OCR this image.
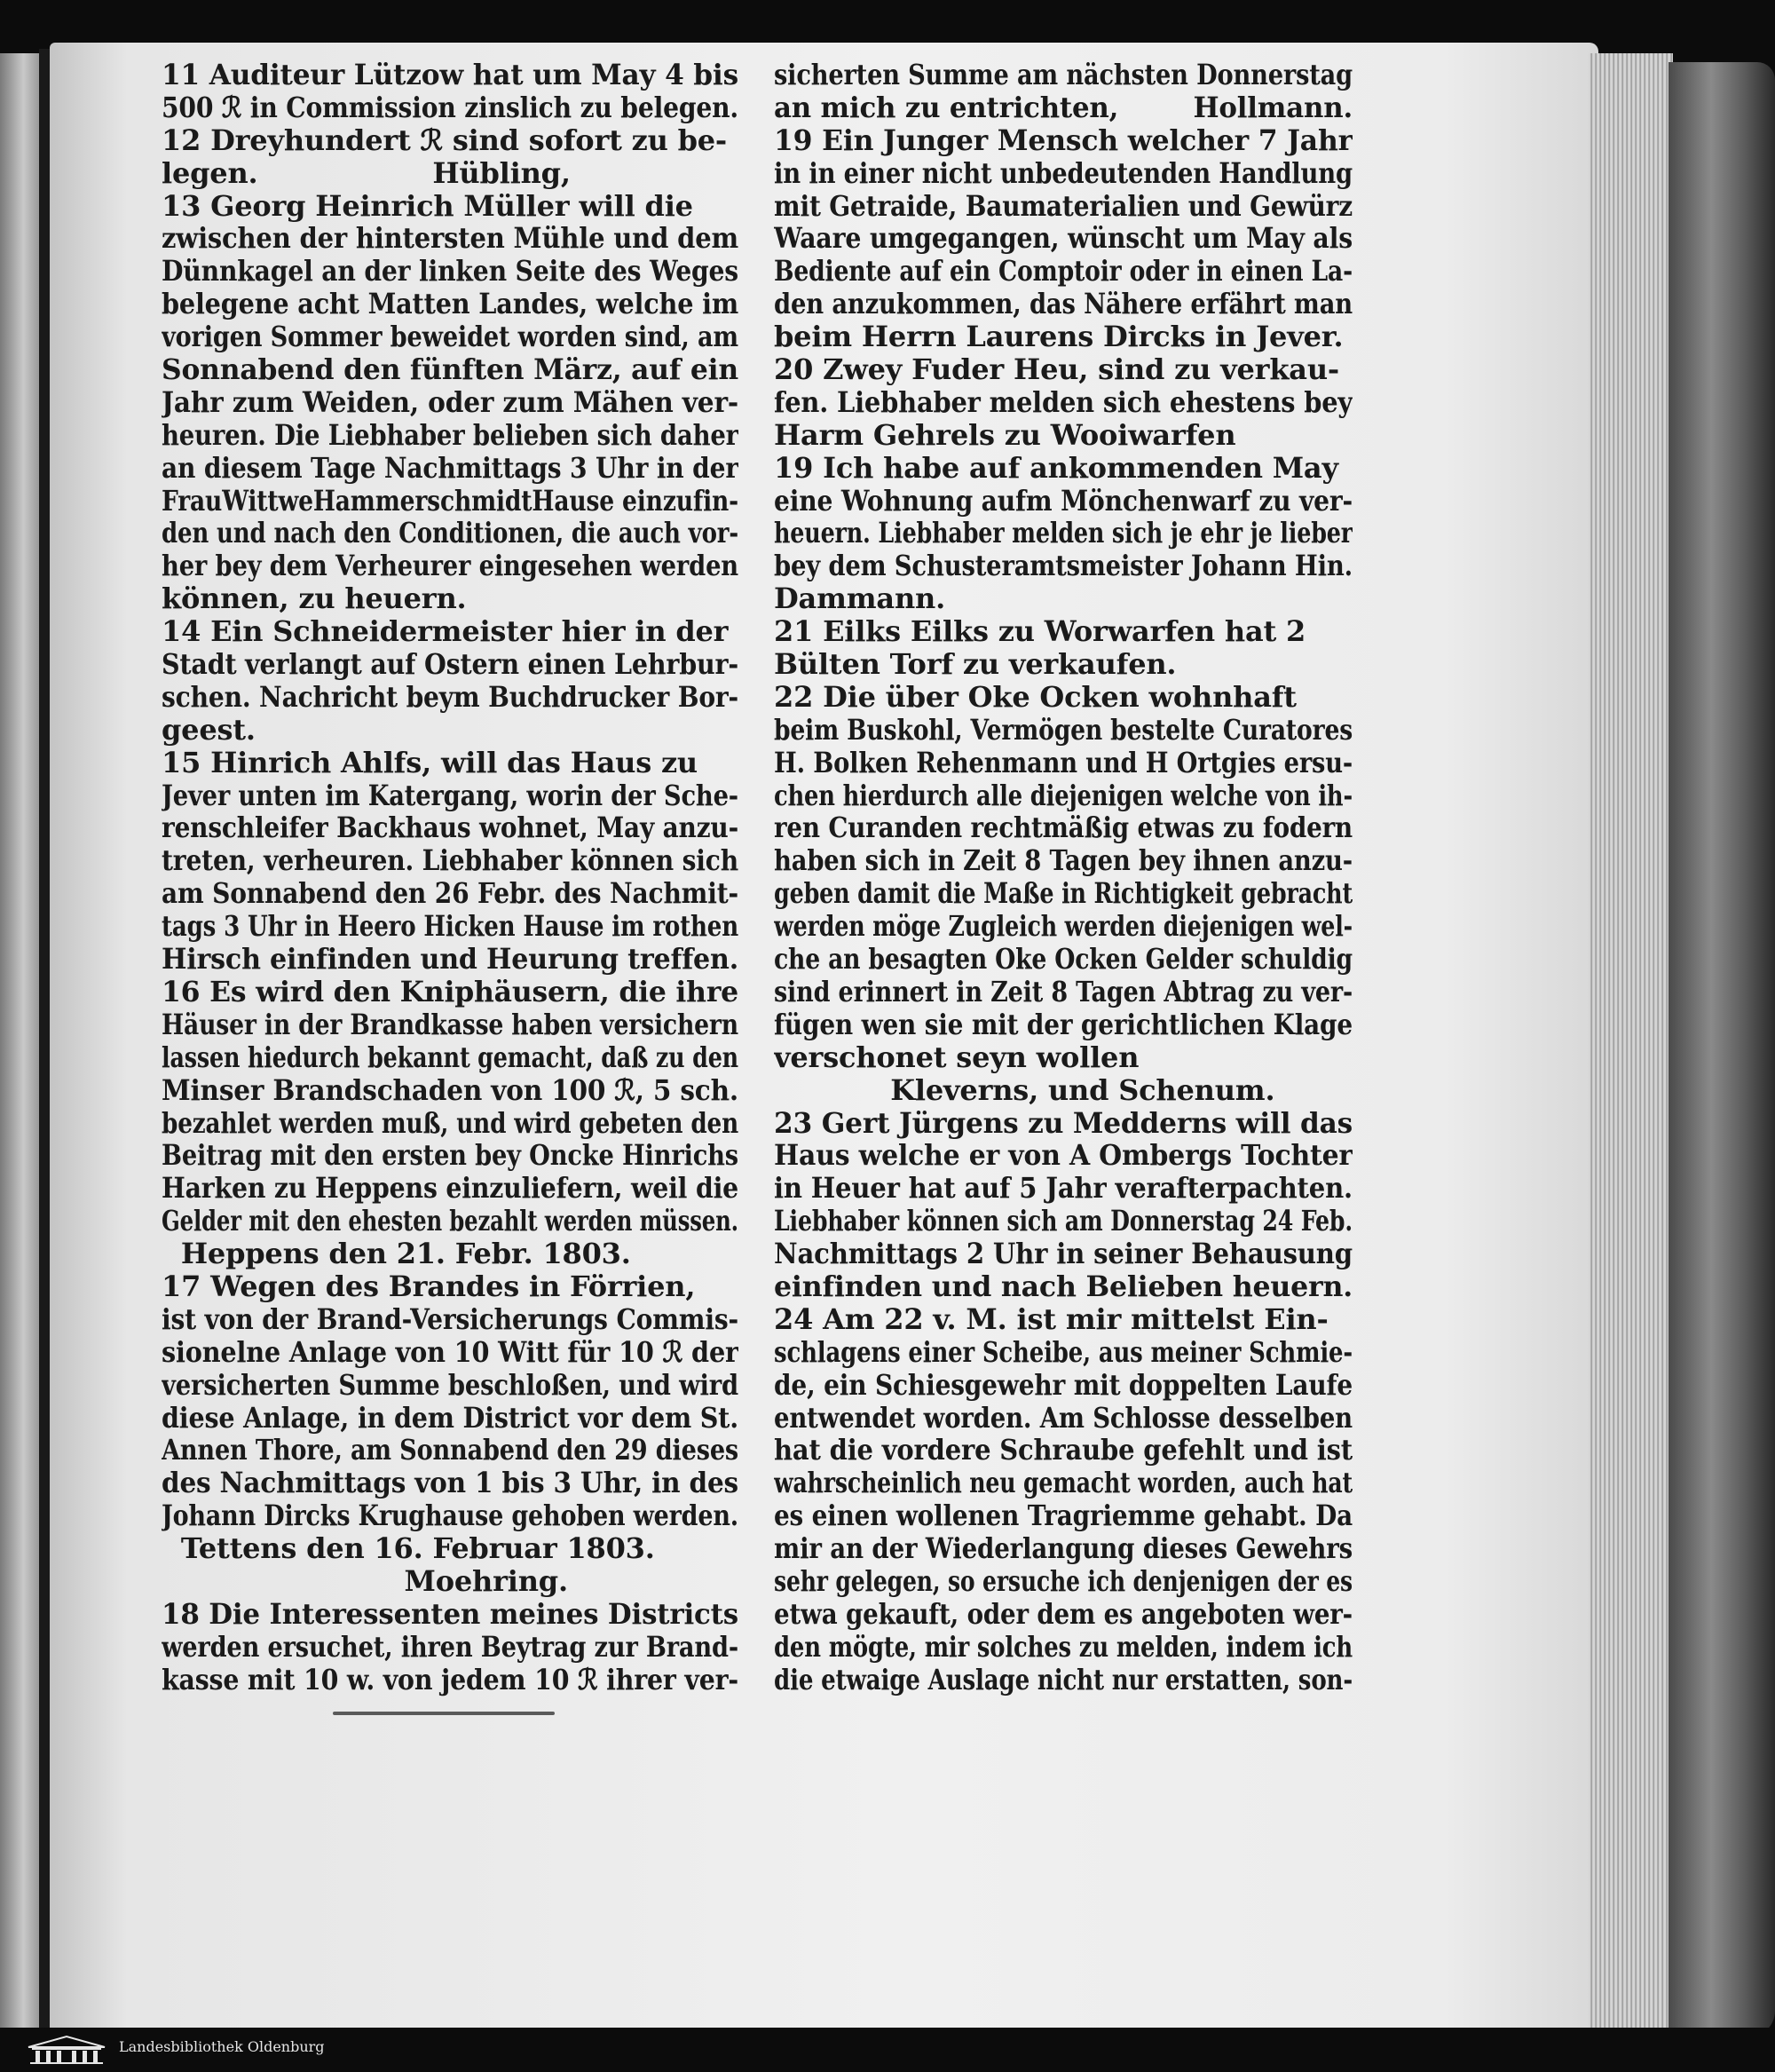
11 Auditeur Lützow hat um May 4 bis
500 ℛ in Commission zinslich zu belegen.
12 Dreyhundert ℛ sind sofort zu be-
legen.                  Hübling,
13 Georg Heinrich Müller will die
zwischen der hintersten Mühle und dem
Dünnkagel an der linken Seite des Weges
belegene acht Matten Landes, welche im
vorigen Sommer beweidet worden sind, am
Sonnabend den fünften März, auf ein
Jahr zum Weiden, oder zum Mähen ver-
heuren. Die Liebhaber belieben sich daher
an diesem Tage Nachmittags 3 Uhr in der
FrauWittweHammerschmidtHause einzufin-
den und nach den Conditionen, die auch vor-
her bey dem Verheurer eingesehen werden
können, zu heuern.
14 Ein Schneidermeister hier in der
Stadt verlangt auf Ostern einen Lehrbur-
schen. Nachricht beym Buchdrucker Bor-
geest.
15 Hinrich Ahlfs, will das Haus zu
Jever unten im Katergang, worin der Sche-
renschleifer Backhaus wohnet, May anzu-
treten, verheuren. Liebhaber können sich
am Sonnabend den 26 Febr. des Nachmit-
tags 3 Uhr in Heero Hicken Hause im rothen
Hirsch einfinden und Heurung treffen.
16 Es wird den Kniphäusern, die ihre
Häuser in der Brandkasse haben versichern
lassen hiedurch bekannt gemacht, daß zu den
Minser Brandschaden von 100 ℛ, 5 sch.
bezahlet werden muß, und wird gebeten den
Beitrag mit den ersten bey Oncke Hinrichs
Harken zu Heppens einzuliefern, weil die
Gelder mit den ehesten bezahlt werden müssen.
Heppens den 21. Febr. 1803.
17 Wegen des Brandes in Förrien,
ist von der Brand-Versicherungs Commis-
sionelne Anlage von 10 Witt für 10 ℛ der
versicherten Summe beschloßen, und wird
diese Anlage, in dem District vor dem St.
Annen Thore, am Sonnabend den 29 dieses
des Nachmittags von 1 bis 3 Uhr, in des
Johann Dircks Krughause gehoben werden.
Tettens den 16. Februar 1803.
Moehring.
18 Die Interessenten meines Districts
werden ersuchet, ihren Beytrag zur Brand-
kasse mit 10 w. von jedem 10 ℛ ihrer ver-
sicherten Summe am nächsten Donnerstag
an mich zu entrichten,        Hollmann.
19 Ein Junger Mensch welcher 7 Jahr
in in einer nicht unbedeutenden Handlung
mit Getraide, Baumaterialien und Gewürz
Waare umgegangen, wünscht um May als
Bediente auf ein Comptoir oder in einen La-
den anzukommen, das Nähere erfährt man
beim Herrn Laurens Dircks in Jever.
20 Zwey Fuder Heu, sind zu verkau-
fen. Liebhaber melden sich ehestens bey
Harm Gehrels zu Wooiwarfen
19 Ich habe auf ankommenden May
eine Wohnung aufm Mönchenwarf zu ver-
heuern. Liebhaber melden sich je ehr je lieber
bey dem Schusteramtsmeister Johann Hin.
Dammann.
21 Eilks Eilks zu Worwarfen hat 2
Bülten Torf zu verkaufen.
22 Die über Oke Ocken wohnhaft
beim Buskohl, Vermögen bestelte Curatores
H. Bolken Rehenmann und H Ortgies ersu-
chen hierdurch alle diejenigen welche von ih-
ren Curanden rechtmäßig etwas zu fodern
haben sich in Zeit 8 Tagen bey ihnen anzu-
geben damit die Maße in Richtigkeit gebracht
werden möge Zugleich werden diejenigen wel-
che an besagten Oke Ocken Gelder schuldig
sind erinnert in Zeit 8 Tagen Abtrag zu ver-
fügen wen sie mit der gerichtlichen Klage
verschonet seyn wollen
Kleverns, und Schenum.
23 Gert Jürgens zu Medderns will das
Haus welche er von A Ombergs Tochter
in Heuer hat auf 5 Jahr verafterpachten.
Liebhaber können sich am Donnerstag 24 Feb.
Nachmittags 2 Uhr in seiner Behausung
einfinden und nach Belieben heuern.
24 Am 22 v. M. ist mir mittelst Ein-
schlagens einer Scheibe, aus meiner Schmie-
de, ein Schiesgewehr mit doppelten Laufe
entwendet worden. Am Schlosse desselben
hat die vordere Schraube gefehlt und ist
wahrscheinlich neu gemacht worden, auch hat
es einen wollenen Tragriemme gehabt. Da
mir an der Wiederlangung dieses Gewehrs
sehr gelegen, so ersuche ich denjenigen der es
etwa gekauft, oder dem es angeboten wer-
den mögte, mir solches zu melden, indem ich
die etwaige Auslage nicht nur erstatten, son-
Landesbibliothek Oldenburg
